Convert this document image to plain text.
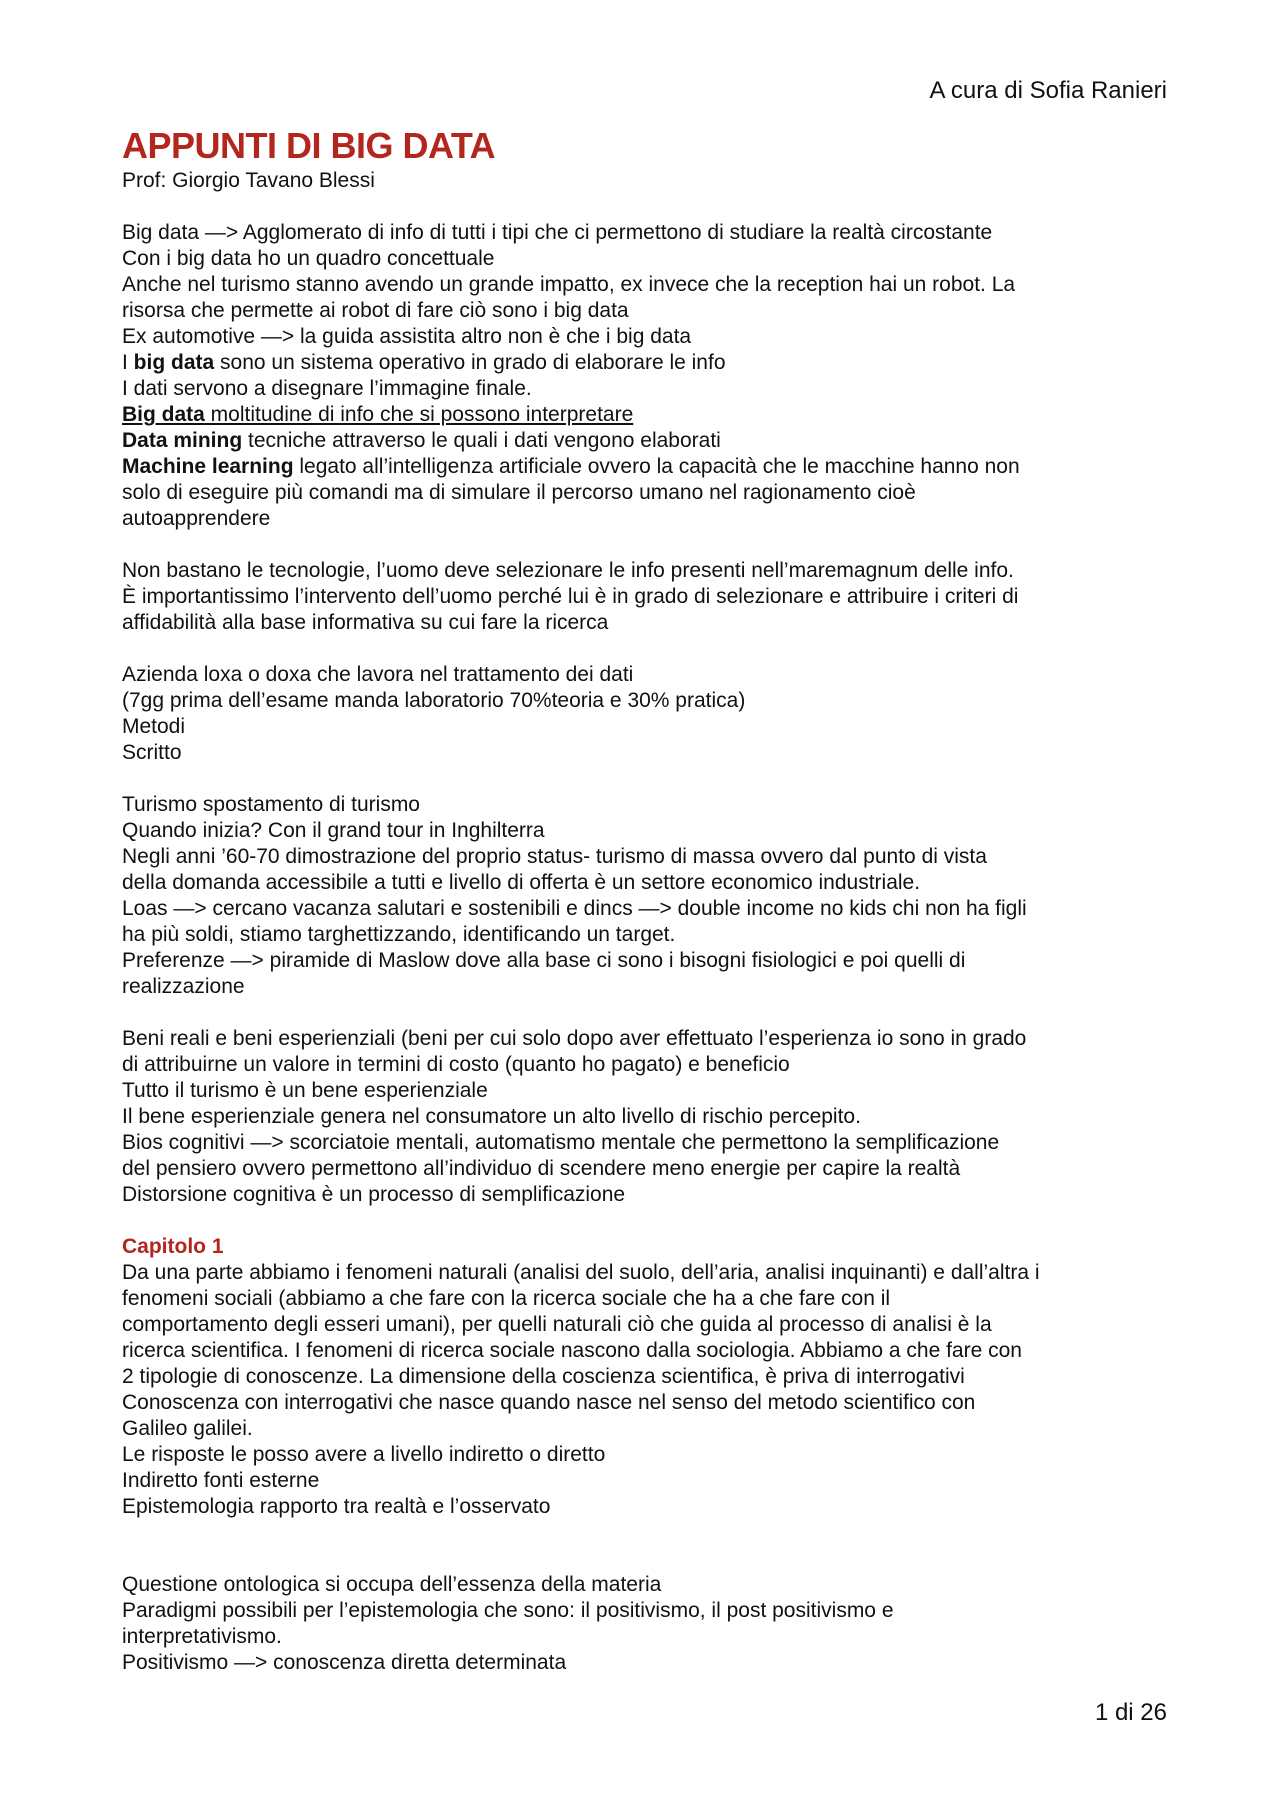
A cura di Sofia Ranieri
APPUNTI DI BIG DATA
Prof: Giorgio Tavano Blessi
Big data —> Agglomerato di info di tutti i tipi che ci permettono di studiare la realtà circostante
Con i big data ho un quadro concettuale
Anche nel turismo stanno avendo un grande impatto, ex invece che la reception hai un robot. La
risorsa che permette ai robot di fare ciò sono i big data
Ex automotive —> la guida assistita altro non è che i big data
I big data sono un sistema operativo in grado di elaborare le info
I dati servono a disegnare l’immagine finale.
Big data moltitudine di info che si possono interpretare
Data mining tecniche attraverso le quali i dati vengono elaborati
Machine learning legato all’intelligenza artificiale ovvero la capacità che le macchine hanno non
solo di eseguire più comandi ma di simulare il percorso umano nel ragionamento cioè
autoapprendere
Non bastano le tecnologie, l’uomo deve selezionare le info presenti nell’maremagnum delle info.
È importantissimo l’intervento dell’uomo perché lui è in grado di selezionare e attribuire i criteri di
affidabilità alla base informativa su cui fare la ricerca
Azienda loxa o doxa che lavora nel trattamento dei dati
(7gg prima dell’esame manda laboratorio 70%teoria e 30% pratica)
Metodi
Scritto
Turismo spostamento di turismo
Quando inizia? Con il grand tour in Inghilterra
Negli anni ’60-70 dimostrazione del proprio status- turismo di massa ovvero dal punto di vista
della domanda accessibile a tutti e livello di offerta è un settore economico industriale.
Loas —> cercano vacanza salutari e sostenibili e dincs —> double income no kids chi non ha figli
ha più soldi, stiamo targhettizzando, identificando un target.
Preferenze —> piramide di Maslow dove alla base ci sono i bisogni fisiologici e poi quelli di
realizzazione
Beni reali e beni esperienziali (beni per cui solo dopo aver effettuato l’esperienza io sono in grado
di attribuirne un valore in termini di costo (quanto ho pagato) e beneficio
Tutto il turismo è un bene esperienziale
Il bene esperienziale genera nel consumatore un alto livello di rischio percepito.
Bios cognitivi —> scorciatoie mentali, automatismo mentale che permettono la semplificazione
del pensiero ovvero permettono all’individuo di scendere meno energie per capire la realtà
Distorsione cognitiva è un processo di semplificazione
Capitolo 1
Da una parte abbiamo i fenomeni naturali (analisi del suolo, dell’aria, analisi inquinanti) e dall’altra i
fenomeni sociali (abbiamo a che fare con la ricerca sociale che ha a che fare con il
comportamento degli esseri umani), per quelli naturali ciò che guida al processo di analisi è la
ricerca scientifica. I fenomeni di ricerca sociale nascono dalla sociologia. Abbiamo a che fare con
2 tipologie di conoscenze. La dimensione della coscienza scientifica, è priva di interrogativi
Conoscenza con interrogativi che nasce quando nasce nel senso del metodo scientifico con
Galileo galilei.
Le risposte le posso avere a livello indiretto o diretto
Indiretto fonti esterne
Epistemologia rapporto tra realtà e l’osservato
Questione ontologica si occupa dell’essenza della materia
Paradigmi possibili per l’epistemologia che sono: il positivismo, il post positivismo e
interpretativismo.
Positivismo —> conoscenza diretta determinata
1 di 26
